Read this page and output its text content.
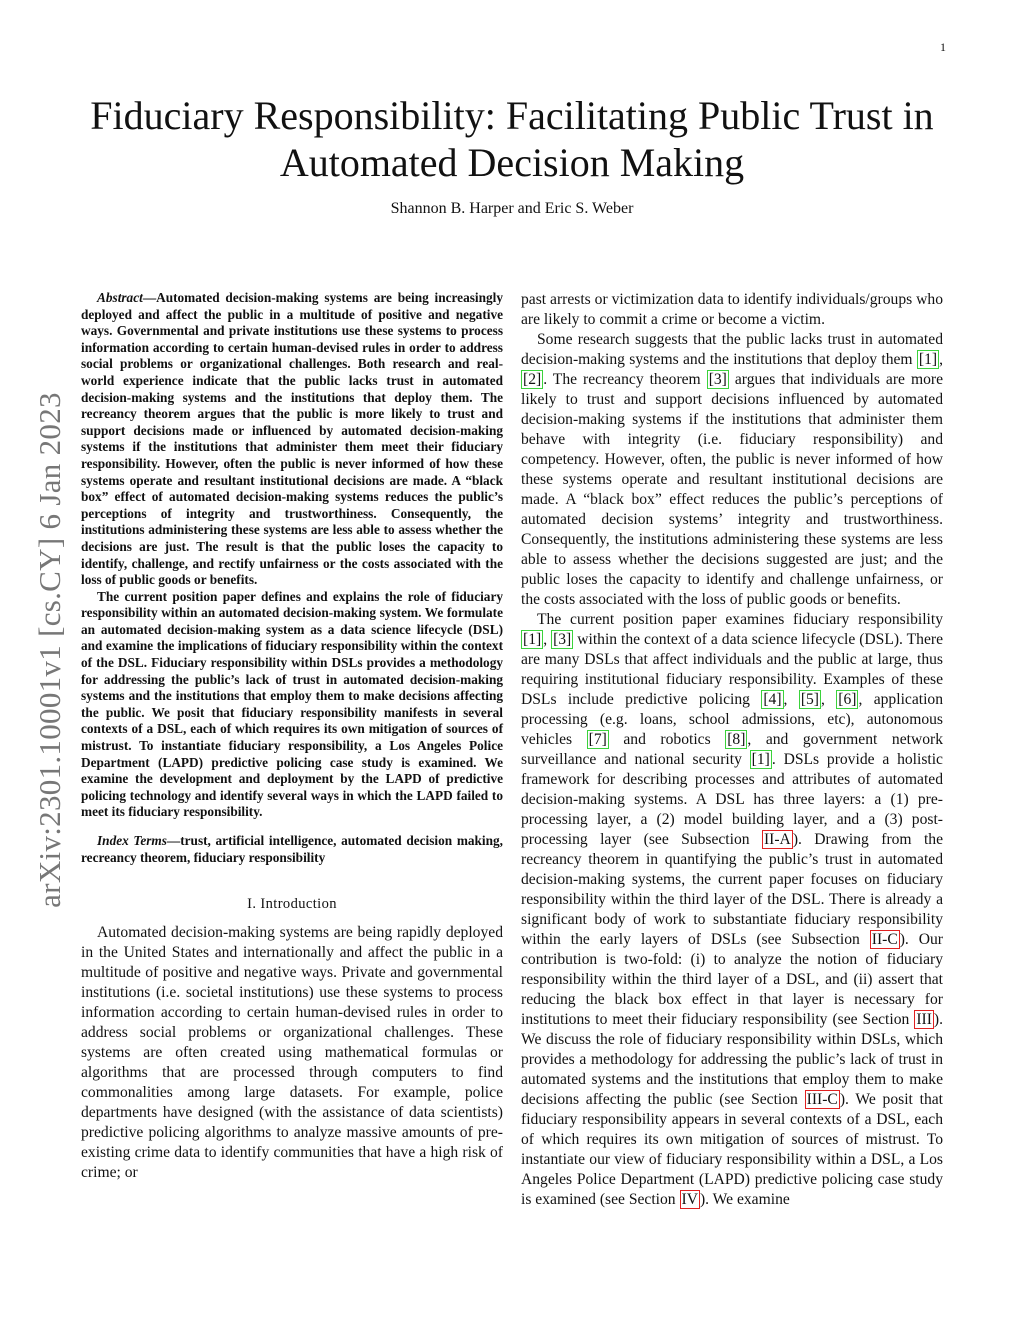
1
arXiv:2301.10001v1 [cs.CY] 6 Jan 2023
Fiduciary Responsibility: Facilitating Public Trust in Automated Decision Making
Shannon B. Harper and Eric S. Weber

Abstract—Automated decision-making systems are being increasingly deployed and affect the public in a multitude of positive and negative ways. Governmental and private institutions use these systems to process information according to certain human-devised rules in order to address social problems or organizational challenges. Both research and real-world experience indicate that the public lacks trust in automated decision-making systems and the institutions that deploy them. The recreancy theorem argues that the public is more likely to trust and support decisions made or influenced by automated decision-making systems if the institutions that administer them meet their fiduciary responsibility. However, often the public is never informed of how these systems operate and resultant institutional decisions are made. A “black box” effect of automated decision-making systems reduces the public’s perceptions of integrity and trustworthiness. Consequently, the institutions administering these systems are less able to assess whether the decisions are just. The result is that the public loses the capacity to identify, challenge, and rectify unfairness or the costs associated with the loss of public goods or benefits.

The current position paper defines and explains the role of fiduciary responsibility within an automated decision-making system. We formulate an automated decision-making system as a data science lifecycle (DSL) and examine the implications of fiduciary responsibility within the context of the DSL. Fiduciary responsibility within DSLs provides a methodology for addressing the public’s lack of trust in automated decision-making systems and the institutions that employ them to make decisions affecting the public. We posit that fiduciary responsibility manifests in several contexts of a DSL, each of which requires its own mitigation of sources of mistrust. To instantiate fiduciary responsibility, a Los Angeles Police Department (LAPD) predictive policing case study is examined. We examine the development and deployment by the LAPD of predictive policing technology and identify several ways in which the LAPD failed to meet its fiduciary responsibility.

Index Terms—trust, artificial intelligence, automated decision making, recreancy theorem, fiduciary responsibility

I. Introduction

Automated decision-making systems are being rapidly deployed in the United States and internationally and affect the public in a multitude of positive and negative ways. Private and governmental institutions (i.e. societal institutions) use these systems to process information according to certain human-devised rules in order to address social problems or organizational challenges. These systems are often created using mathematical formulas or algorithms that are processed through computers to find commonalities among large datasets. For example, police departments have designed (with the assistance of data scientists) predictive policing algorithms to analyze massive amounts of pre-existing crime data to identify communities that have a high risk of crime; or

past arrests or victimization data to identify individuals/groups who are likely to commit a crime or become a victim.

Some research suggests that the public lacks trust in automated decision-making systems and the institutions that deploy them [1] , [2] . The recreancy theorem [3] argues that individuals are more likely to trust and support decisions influenced by automated decision-making systems if the institutions that administer them behave with integrity (i.e. fiduciary responsibility) and competency. However, often, the public is never informed of how these systems operate and resultant institutional decisions are made. A “black box” effect reduces the public’s perceptions of automated decision systems’ integrity and trustworthiness. Consequently, the institutions administering these systems are less able to assess whether the decisions suggested are just; and the public loses the capacity to identify and challenge unfairness, or the costs associated with the loss of public goods or benefits.

The current position paper examines fiduciary responsibility [1] , [3] within the context of a data science lifecycle (DSL). There are many DSLs that affect individuals and the public at large, thus requiring institutional fiduciary responsibility. Examples of these DSLs include predictive policing [4] , [5] , [6] , application processing (e.g. loans, school admissions, etc), autonomous vehicles [7] and robotics [8] , and government network surveillance and national security [1] . DSLs provide a holistic framework for describing processes and attributes of automated decision-making systems. A DSL has three layers: a (1) pre-processing layer, a (2) model building layer, and a (3) post-processing layer (see Subsection II-A ). Drawing from the recreancy theorem in quantifying the public’s trust in automated decision-making systems, the current paper focuses on fiduciary responsibility within the third layer of the DSL. There is already a significant body of work to substantiate fiduciary responsibility within the early layers of DSLs (see Subsection II-C ). Our contribution is two-fold: (i) to analyze the notion of fiduciary responsibility within the third layer of a DSL, and (ii) assert that reducing the black box effect in that layer is necessary for institutions to meet their fiduciary responsibility (see Section III ). We discuss the role of fiduciary responsibility within DSLs, which provides a methodology for addressing the public’s lack of trust in automated systems and the institutions that employ them to make decisions affecting the public (see Section III-C ). We posit that fiduciary responsibility appears in several contexts of a DSL, each of which requires its own mitigation of sources of mistrust. To instantiate our view of fiduciary responsibility within a DSL, a Los Angeles Police Department (LAPD) predictive policing case study is examined (see Section IV ). We examine
